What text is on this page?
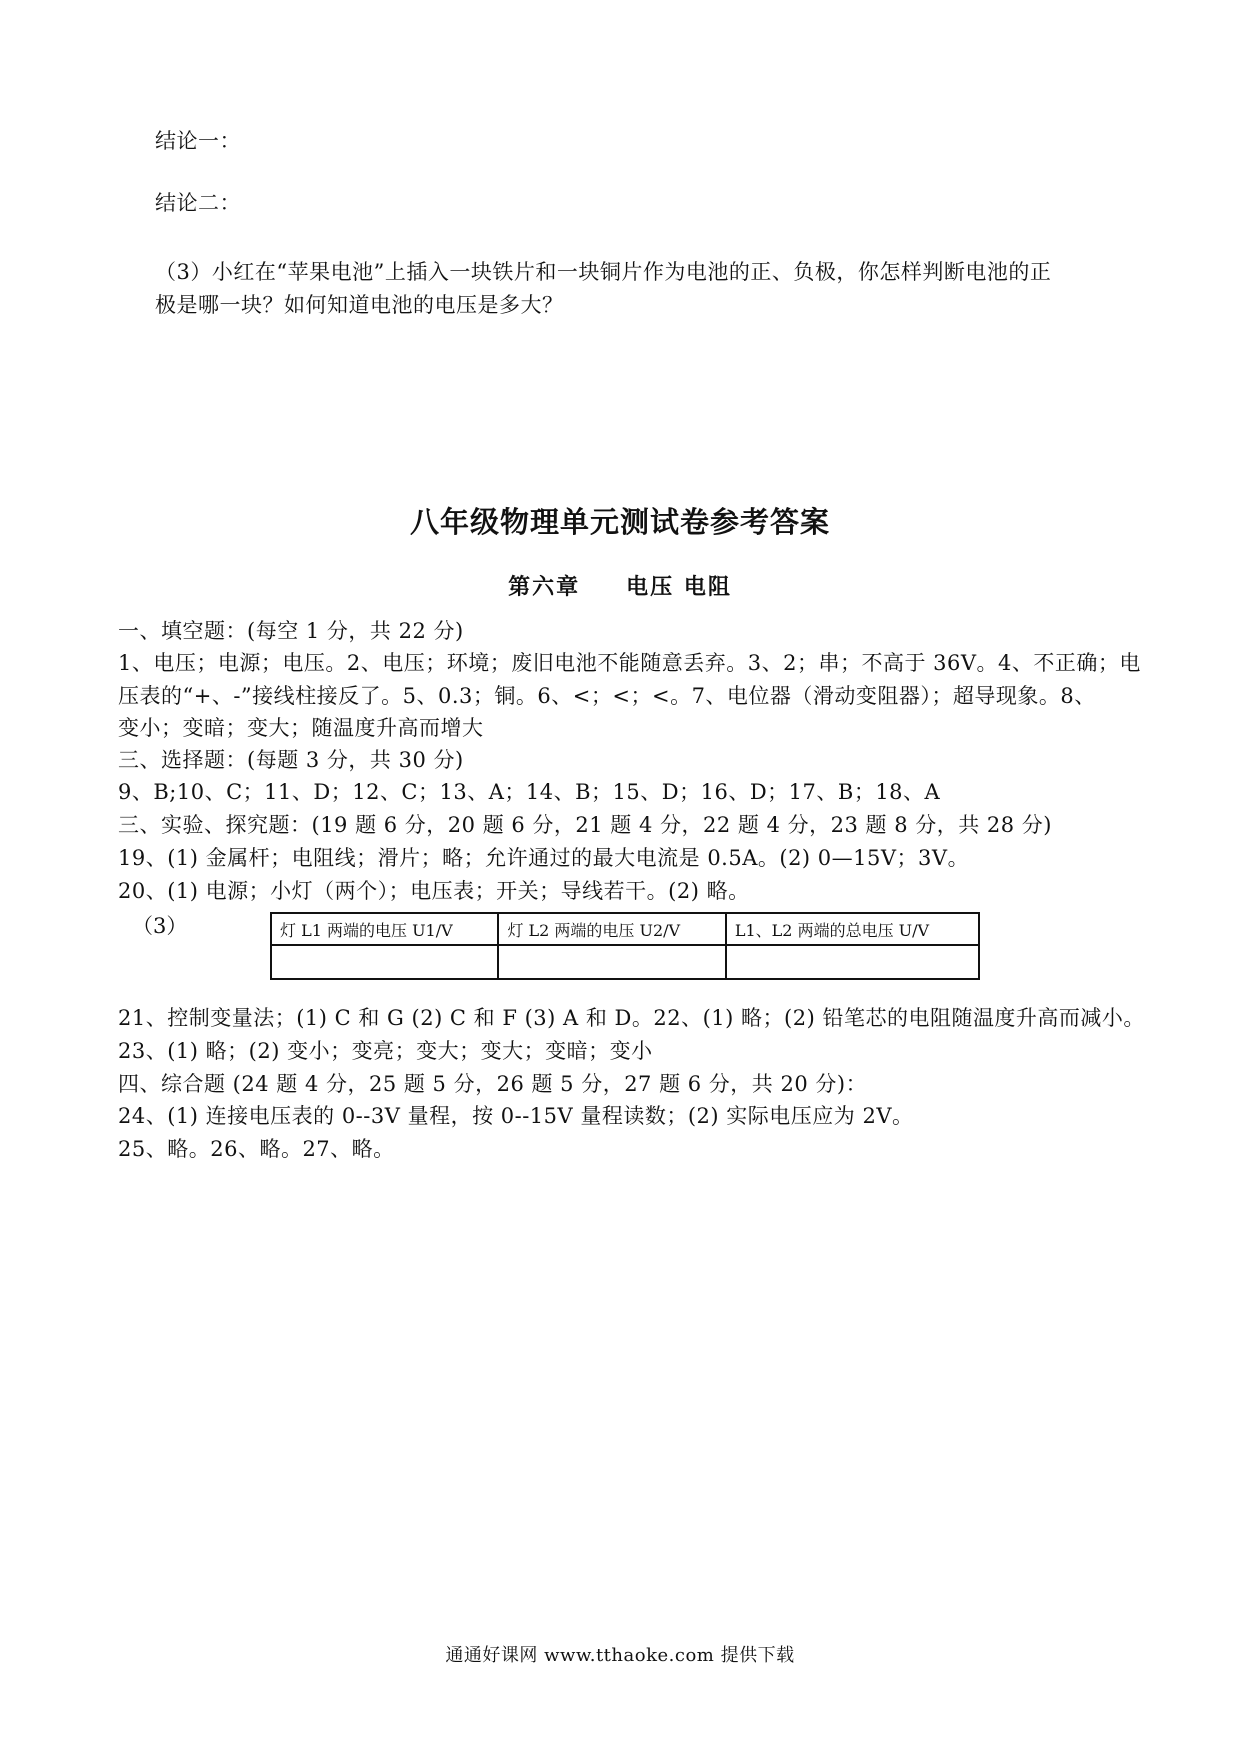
结论一：
结论二：
（3）小红在“苹果电池”上插入一块铁片和一块铜片作为电池的正、负极，你怎样判断电池的正
极是哪一块？如何知道电池的电压是多大？
八年级物理单元测试卷参考答案
第六章 电压 电阻
一、填空题：(每空 1 分，共 22 分)
1、电压；电源；电压。2、电压；环境；废旧电池不能随意丢弃。3、2；串；不高于 36V。4、不正确；电
压表的“+、-”接线柱接反了。5、0.3；铜。6、<；<；<。7、电位器（滑动变阻器）；超导现象。8、
变小；变暗；变大；随温度升高而增大
三、选择题：(每题 3 分，共 30 分)
9、B;10、C；11、D；12、C；13、A；14、B；15、D；16、D；17、B；18、A
三、实验、探究题：(19 题 6 分，20 题 6 分，21 题 4 分，22 题 4 分，23 题 8 分，共 28 分)
19、(1) 金属杆；电阻线；滑片；略；允许通过的最大电流是 0.5A。(2) 0—15V；3V。
20、(1) 电源；小灯（两个）；电压表；开关；导线若干。(2) 略。
（3）	灯 L1 两端的电压 U1/V	灯 L2 两端的电压 U2/V	L1、L2 两端的总电压 U/V

21、控制变量法；(1) C 和 G (2) C 和 F (3) A 和 D。22、(1) 略；(2) 铅笔芯的电阻随温度升高而减小。
23、(1) 略；(2) 变小；变亮；变大；变大；变暗；变小
四、综合题 (24 题 4 分，25 题 5 分，26 题 5 分，27 题 6 分，共 20 分)：
24、(1) 连接电压表的 0--3V 量程，按 0--15V 量程读数；(2) 实际电压应为 2V。
25、略。26、略。27、略。
通通好课网 www.tthaoke.com 提供下载
